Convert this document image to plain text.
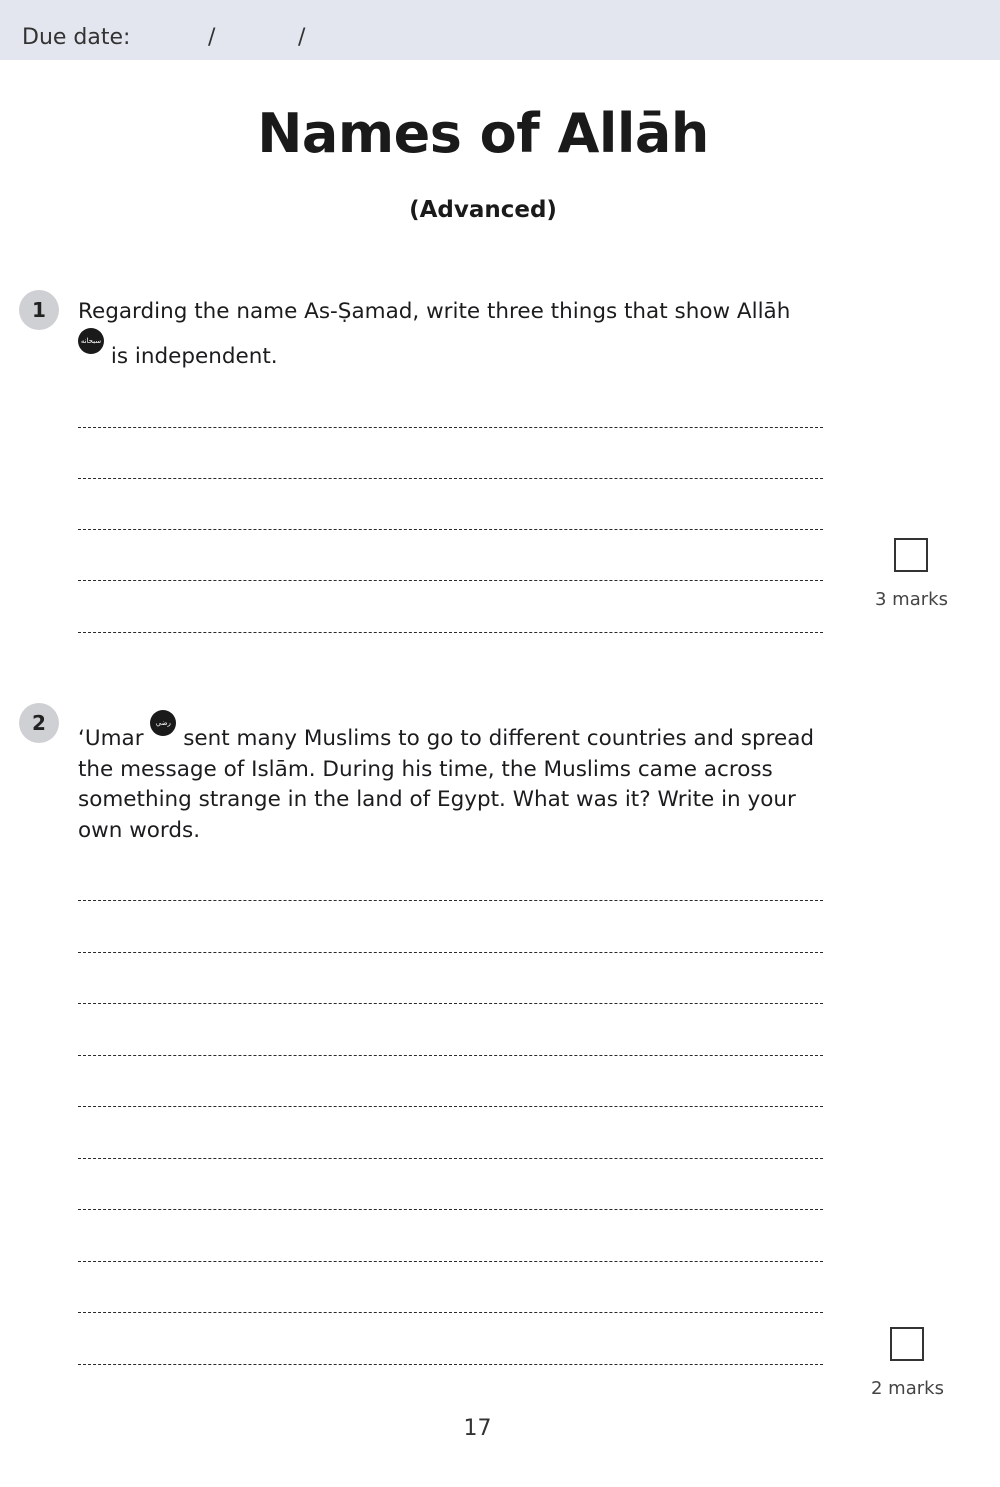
Due date:	/	/
Names of Allāh
(Advanced)
1	Regarding the name As-Ṣamad, write three things that show Allāh
سبحانه وتعالى is independent.
3 marks
2
‘Umar رضي الله عنه sent many Muslims to go to different countries and spread the message of Islām. During his time, the Muslims came across something strange in the land of Egypt. What was it? Write in your own words.
2 marks
17
